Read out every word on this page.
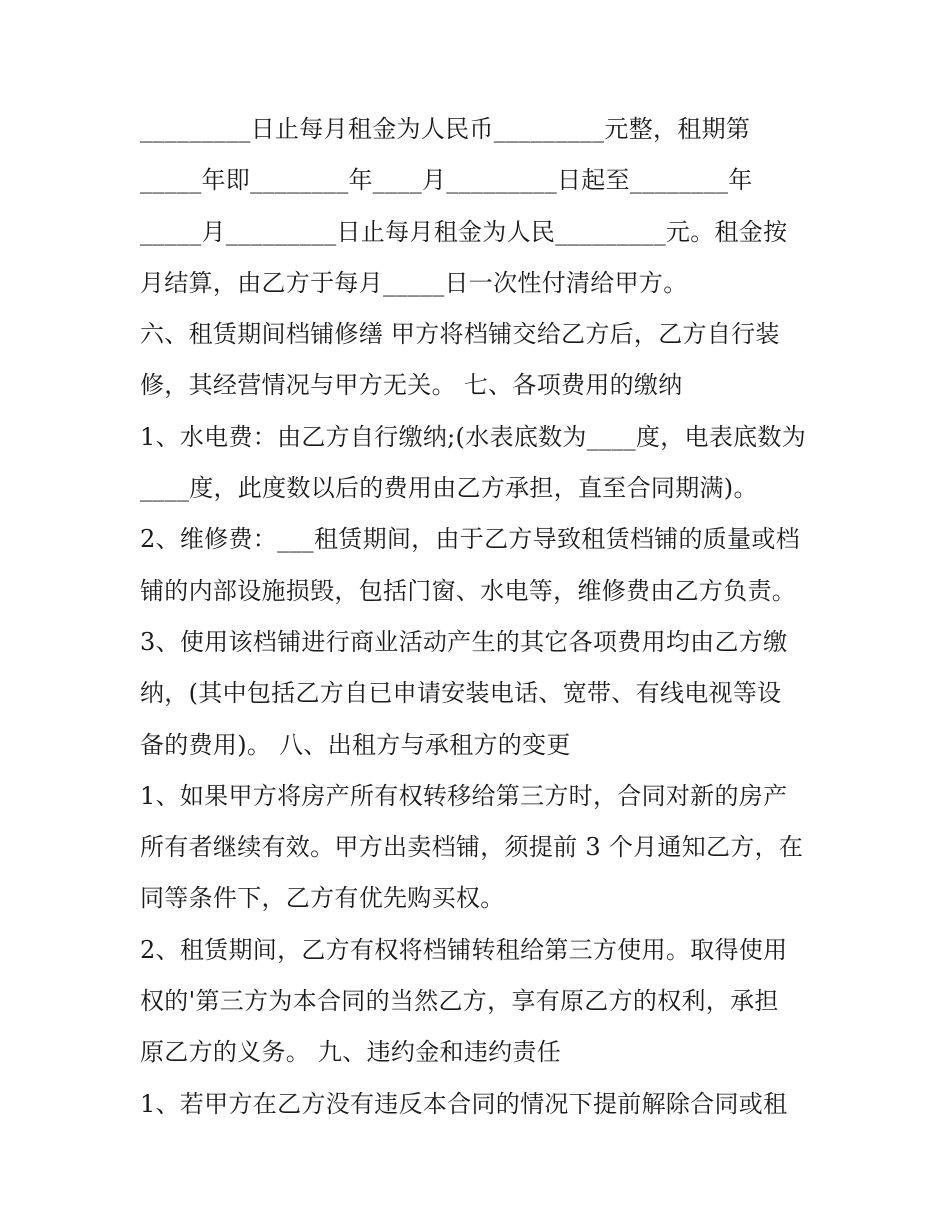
_________日止每月租金为人民币_________元整，租期第
_____年即________年____月_________日起至________年
_____月_________日止每月租金为人民_________元。租金按
月结算，由乙方于每月_____日一次性付清给甲方。
六、租赁期间档铺修缮 甲方将档铺交给乙方后，乙方自行装
修，其经营情况与甲方无关。 七、各项费用的缴纳
1、水电费：由乙方自行缴纳;(水表底数为____度，电表底数为
____度，此度数以后的费用由乙方承担，直至合同期满)。
2、维修费：___租赁期间，由于乙方导致租赁档铺的质量或档
铺的内部设施损毁，包括门窗、水电等，维修费由乙方负责。
3、使用该档铺进行商业活动产生的其它各项费用均由乙方缴
纳，(其中包括乙方自已申请安装电话、宽带、有线电视等设
备的费用)。 八、出租方与承租方的变更
1、如果甲方将房产所有权转移给第三方时，合同对新的房产
所有者继续有效。甲方出卖档铺，须提前 3 个月通知乙方，在
同等条件下，乙方有优先购买权。
2、租赁期间，乙方有权将档铺转租给第三方使用。取得使用
权的'第三方为本合同的当然乙方，享有原乙方的权利，承担
原乙方的义务。 九、违约金和违约责任
1、若甲方在乙方没有违反本合同的情况下提前解除合同或租
